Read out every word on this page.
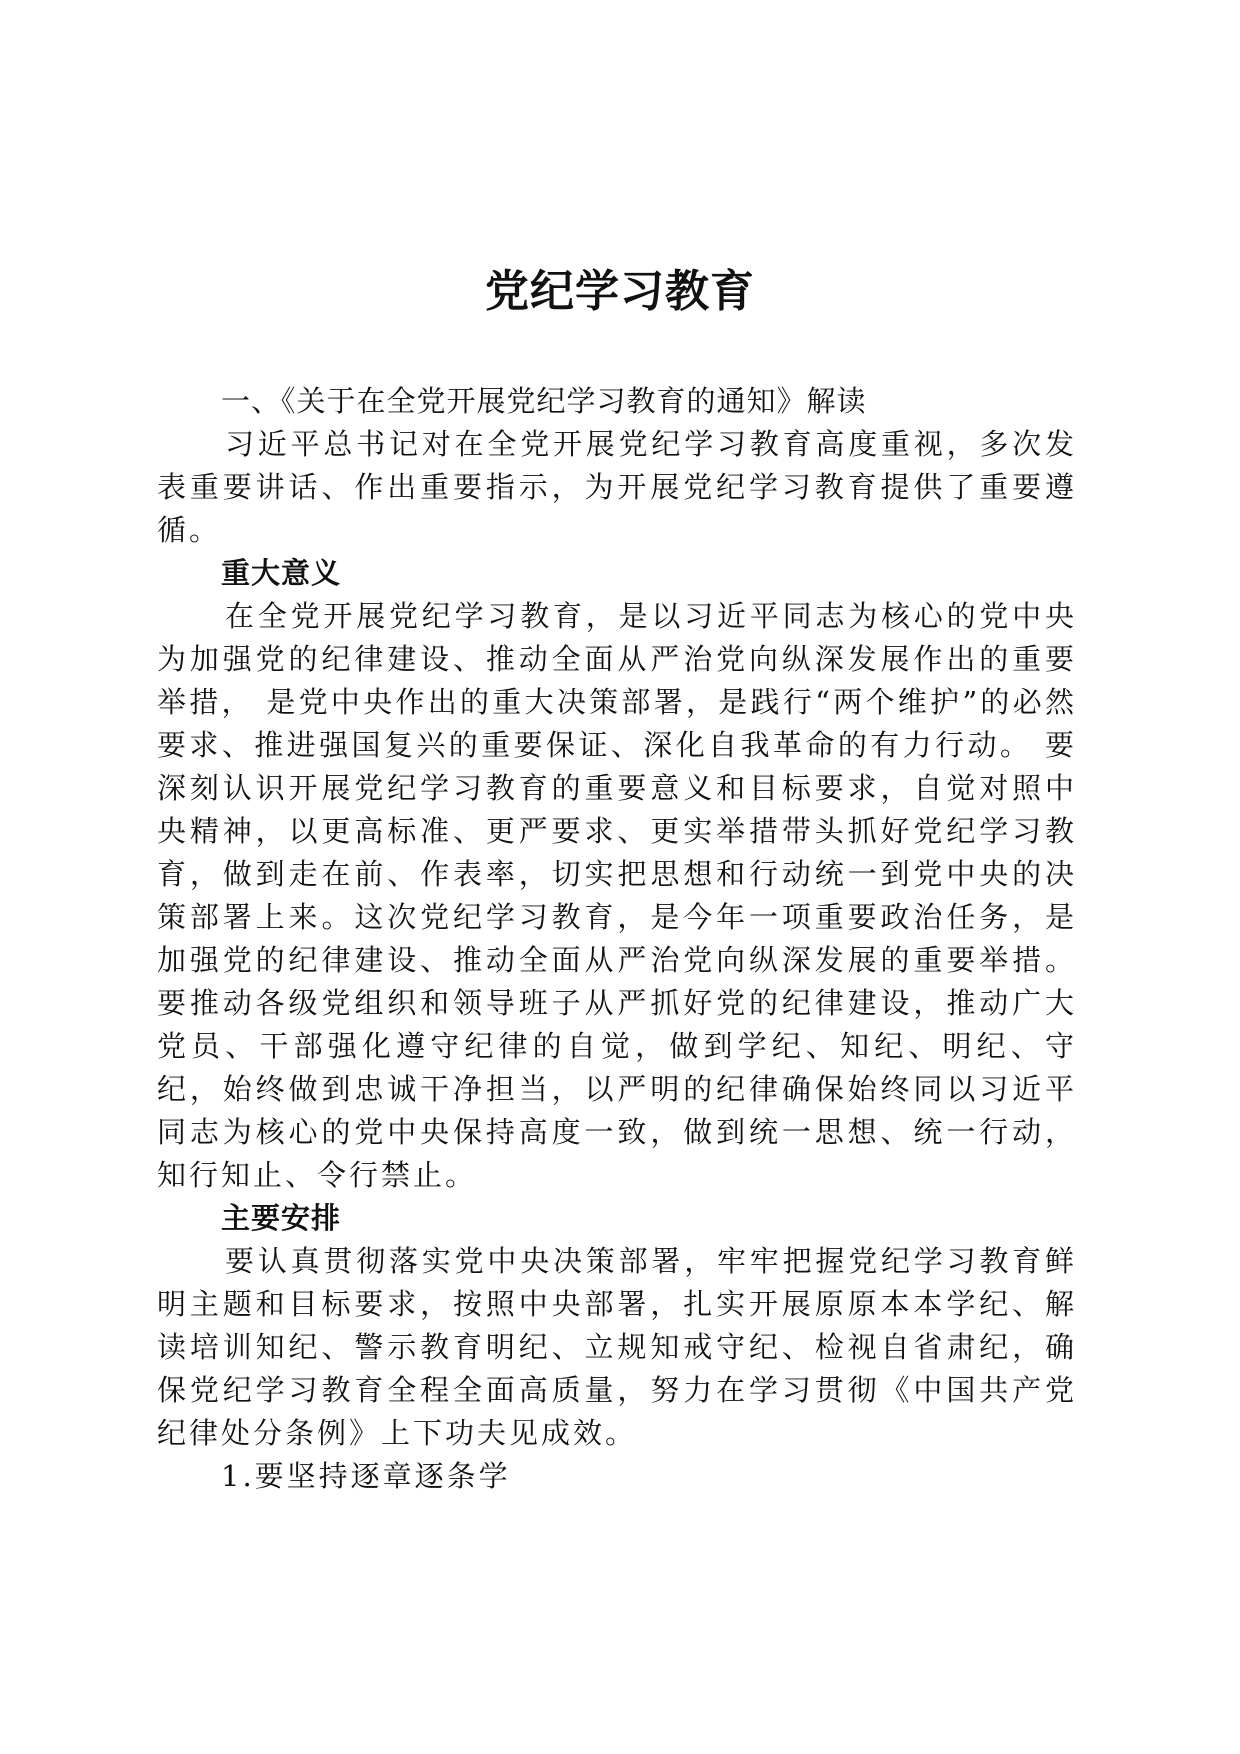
党纪学习教育

一、《关于在全党开展党纪学习教育的通知》解读

习近平总书记对在全党开展党纪学习教育高度重视，多次发表重要讲话、作出重要指示，为开展党纪学习教育提供了重要遵循。

重大意义

在全党开展党纪学习教育，是以习近平同志为核心的党中央为加强党的纪律建设、推动全面从严治党向纵深发展作出的重要举措， 是党中央作出的重大决策部署，是践行“两个维护”的必然要求、推进强国复兴的重要保证、深化自我革命的有力行动。 要深刻认识开展党纪学习教育的重要意义和目标要求，自觉对照中央精神，以更高标准、更严要求、更实举措带头抓好党纪学习教育，做到走在前、作表率，切实把思想和行动统一到党中央的决策部署上来。这次党纪学习教育，是今年一项重要政治任务，是加强党的纪律建设、推动全面从严治党向纵深发展的重要举措。要推动各级党组织和领导班子从严抓好党的纪律建设，推动广大党员、干部强化遵守纪律的自觉，做到学纪、知纪、明纪、守纪，始终做到忠诚干净担当，以严明的纪律确保始终同以习近平同志为核心的党中央保持高度一致，做到统一思想、统一行动，知行知止、令行禁止。

主要安排

要认真贯彻落实党中央决策部署，牢牢把握党纪学习教育鲜明主题和目标要求，按照中央部署，扎实开展原原本本学纪、解读培训知纪、警示教育明纪、立规知戒守纪、检视自省肃纪，确保党纪学习教育全程全面高质量，努力在学习贯彻《中国共产党纪律处分条例》上下功夫见成效。

1.要坚持逐章逐条学
